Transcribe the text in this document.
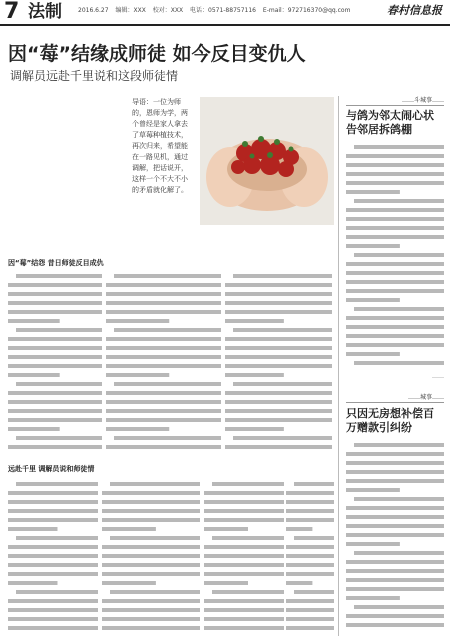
7 法制	2016.6.27 编辑：XXX 校对：XXX 电话：0571-88757116 E-mail：972716370@qq.com	春村信息报
因“莓”结缘成师徒 如今反目变仇人
调解员远赴千里说和这段师徒情
导语：一位为师的，恩师为学，两个曾经是家人拿去了草莓种植技术，再次归来，希望能在一路见机，通过调解，把话说开，这样一个不大不小的矛盾就化解了。
因“莓”结怨 昔日师徒反目成仇
远赴千里 调解员说和师徒情
……斗城事……
与鸽为邻太闹心状告邻居拆鸽棚
……
……城事……
只因无房想补偿百万赠款引纠纷
